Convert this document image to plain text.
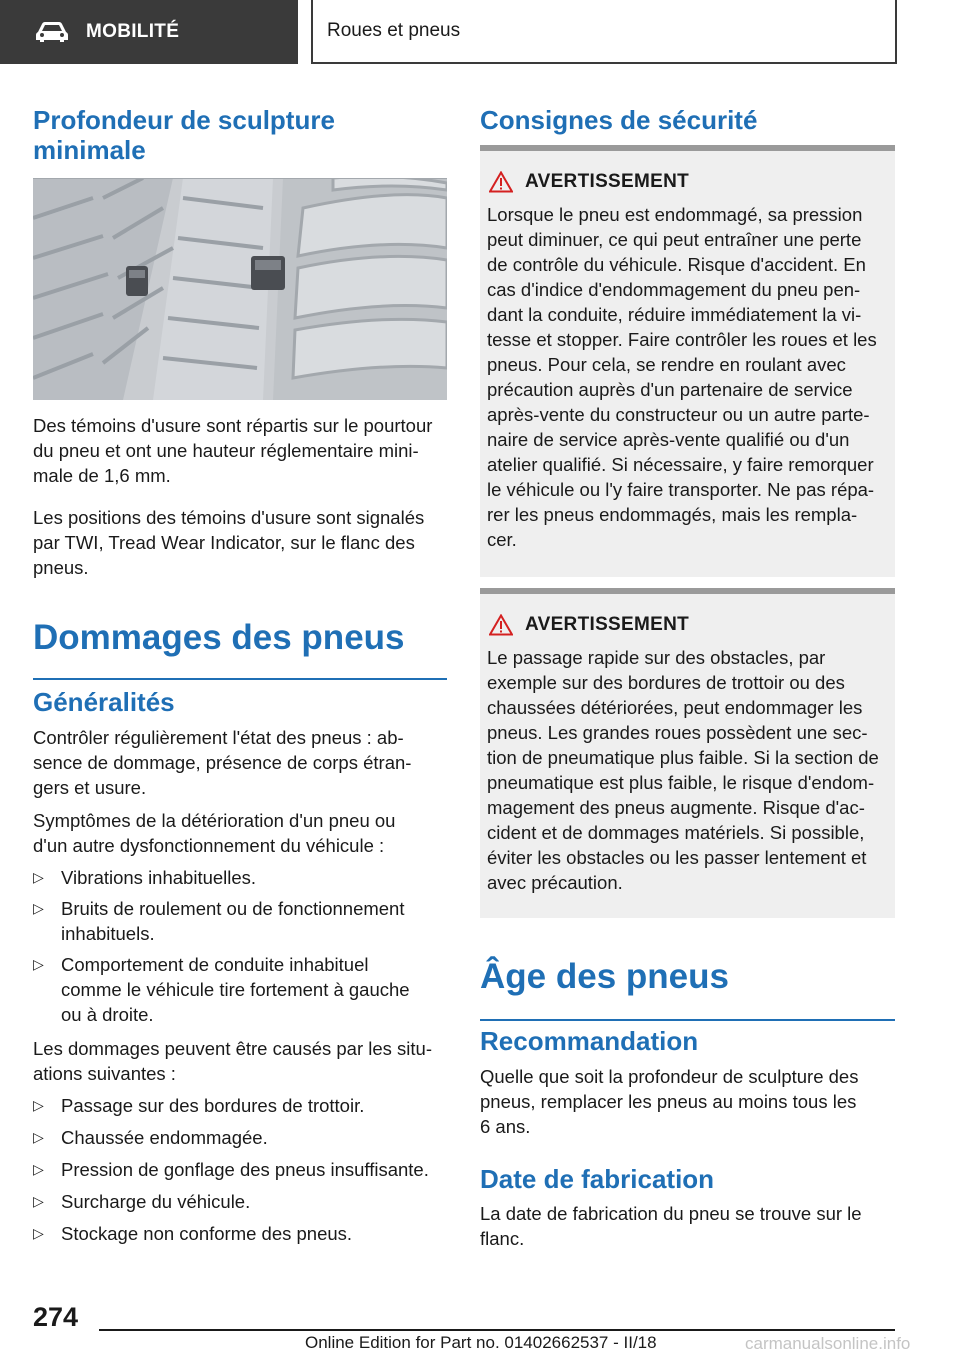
MOBILITÉ	Roues et pneus

Profondeur de sculpture
minimale

Des témoins d'usure sont répartis sur le pourtour
du pneu et ont une hauteur réglementaire mini-
male de 1,6 mm.

Les positions des témoins d'usure sont signalés
par TWI, Tread Wear Indicator, sur le flanc des
pneus.

Dommages des pneus

Généralités

Contrôler régulièrement l'état des pneus : ab-
sence de dommage, présence de corps étran-
gers et usure.

Symptômes de la détérioration d'un pneu ou
d'un autre dysfonctionnement du véhicule :

▷ Vibrations inhabituelles.
▷ Bruits de roulement ou de fonctionnement
inhabituels.
▷ Comportement de conduite inhabituel
comme le véhicule tire fortement à gauche
ou à droite.

Les dommages peuvent être causés par les situ-
ations suivantes :

▷ Passage sur des bordures de trottoir.
▷ Chaussée endommagée.
▷ Pression de gonflage des pneus insuffisante.
▷ Surcharge du véhicule.
▷ Stockage non conforme des pneus.

Consignes de sécurité

AVERTISSEMENT

Lorsque le pneu est endommagé, sa pression
peut diminuer, ce qui peut entraîner une perte
de contrôle du véhicule. Risque d'accident. En
cas d'indice d'endommagement du pneu pen-
dant la conduite, réduire immédiatement la vi-
tesse et stopper. Faire contrôler les roues et les
pneus. Pour cela, se rendre en roulant avec
précaution auprès d'un partenaire de service
après-vente du constructeur ou un autre parte-
naire de service après-vente qualifié ou d'un
atelier qualifié. Si nécessaire, y faire remorquer
le véhicule ou l'y faire transporter. Ne pas répa-
rer les pneus endommagés, mais les rempla-
cer.

AVERTISSEMENT

Le passage rapide sur des obstacles, par
exemple sur des bordures de trottoir ou des
chaussées détériorées, peut endommager les
pneus. Les grandes roues possèdent une sec-
tion de pneumatique plus faible. Si la section de
pneumatique est plus faible, le risque d'endom-
magement des pneus augmente. Risque d'ac-
cident et de dommages matériels. Si possible,
éviter les obstacles ou les passer lentement et
avec précaution.

Âge des pneus

Recommandation

Quelle que soit la profondeur de sculpture des
pneus, remplacer les pneus au moins tous les
6 ans.

Date de fabrication

La date de fabrication du pneu se trouve sur le
flanc.

274
Online Edition for Part no. 01402662537 - II/18	carmanualsonline.info
